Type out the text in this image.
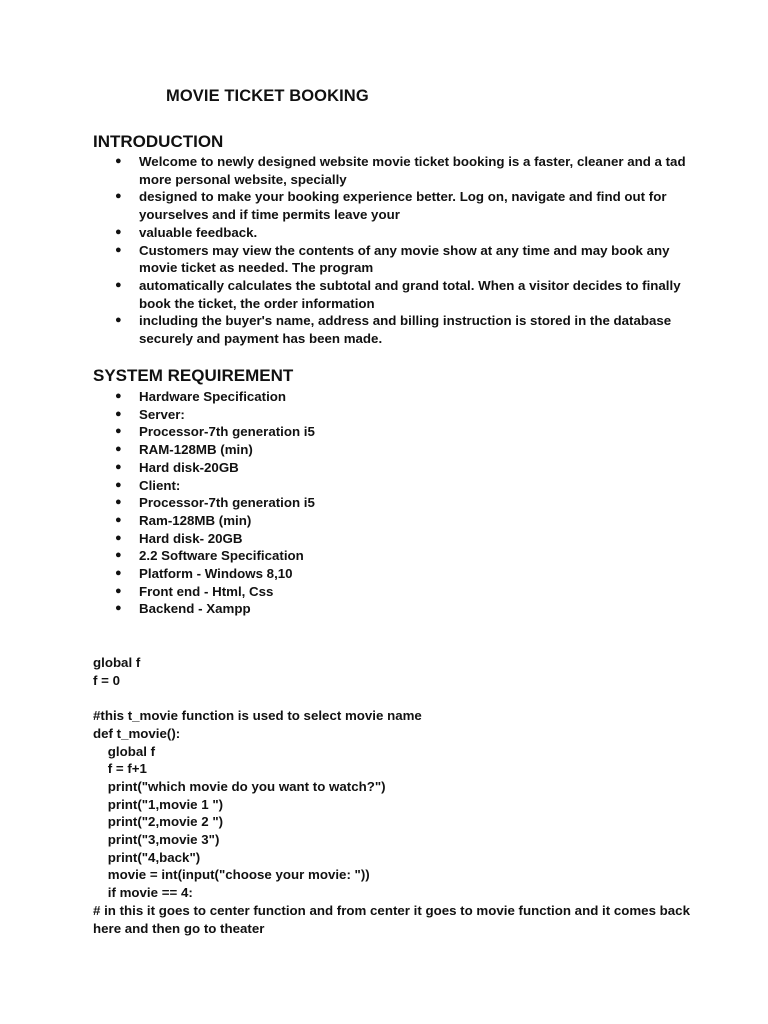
MOVIE TICKET BOOKING
INTRODUCTION
● Welcome to newly designed website movie ticket booking is a faster, cleaner and a tad more personal website, specially
● designed to make your booking experience better. Log on, navigate and find out for yourselves and if time permits leave your
● valuable feedback.
● Customers may view the contents of any movie show at any time and may book any movie ticket as needed. The program
● automatically calculates the subtotal and grand total. When a visitor decides to finally book the ticket, the order information
● including the buyer's name, address and billing instruction is stored in the database securely and payment has been made.
SYSTEM REQUIREMENT
● Hardware Specification
● Server:
● Processor-7th generation i5
● RAM-128MB (min)
● Hard disk-20GB
● Client:
● Processor-7th generation i5
● Ram-128MB (min)
● Hard disk- 20GB
● 2.2 Software Specification
● Platform - Windows 8,10
● Front end - Html, Css
● Backend - Xampp
global f
f = 0
#this t_movie function is used to select movie name
def t_movie():
global f
f = f+1
print("which movie do you want to watch?")
print("1,movie 1 ")
print("2,movie 2 ")
print("3,movie 3")
print("4,back")
movie = int(input("choose your movie: "))
if movie == 4:
# in this it goes to center function and from center it goes to movie function and it comes back here and then go to theater
